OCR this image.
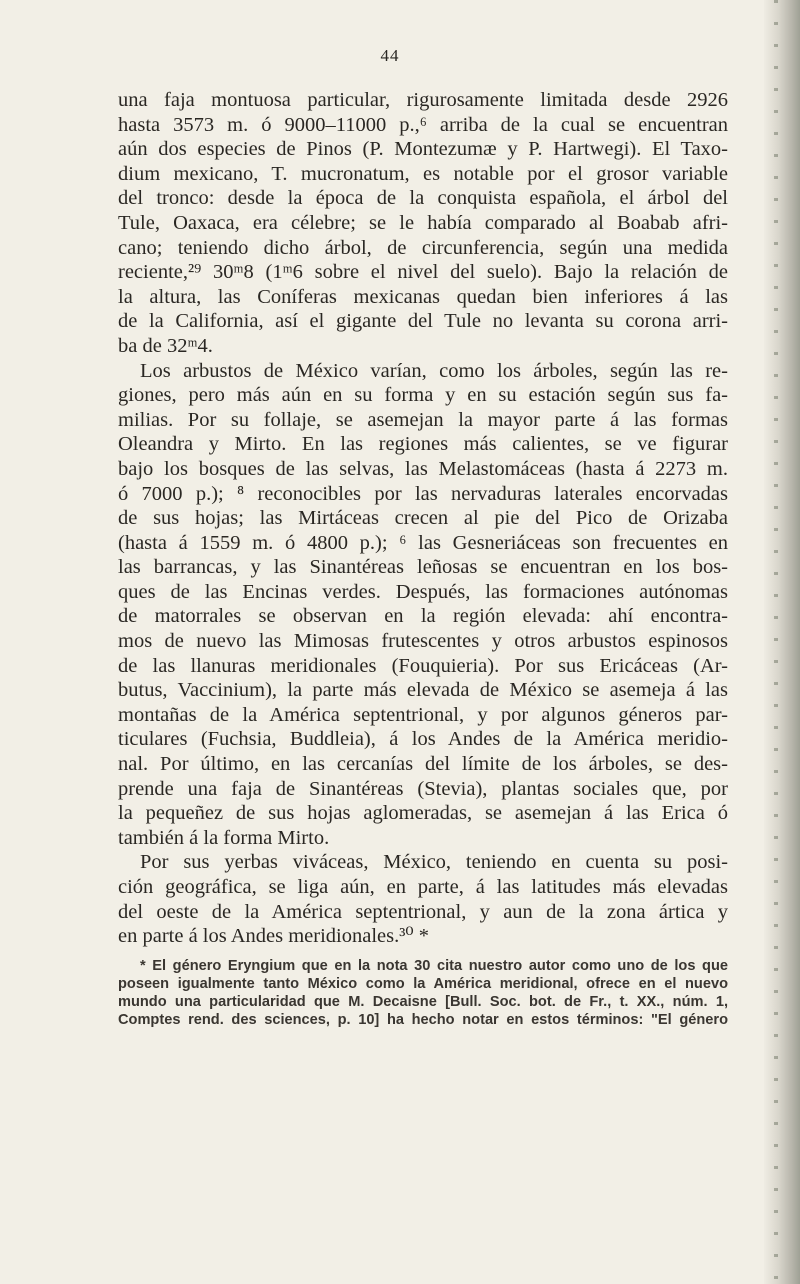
44

una faja montuosa particular, rigurosamente limitada desde 2926
hasta 3573 m. ó 9000–11000 p.,⁶ arriba de la cual se encuentran
aún dos especies de Pinos (P. Montezumæ y P. Hartwegi). El Taxo-
dium mexicano, T. mucronatum, es notable por el grosor variable
del tronco: desde la época de la conquista española, el árbol del
Tule, Oaxaca, era célebre; se le había comparado al Boabab afri-
cano; teniendo dicho árbol, de circunferencia, según una medida
reciente,²⁹ 30ᵐ8 (1ᵐ6 sobre el nivel del suelo). Bajo la relación de
la altura, las Coníferas mexicanas quedan bien inferiores á las
de la California, así el gigante del Tule no levanta su corona arri-
ba de 32ᵐ4.

Los arbustos de México varían, como los árboles, según las re-
giones, pero más aún en su forma y en su estación según sus fa-
milias. Por su follaje, se asemejan la mayor parte á las formas
Oleandra y Mirto. En las regiones más calientes, se ve figurar
bajo los bosques de las selvas, las Melastomáceas (hasta á 2273 m.
ó 7000 p.); ⁸ reconocibles por las nervaduras laterales encorvadas
de sus hojas; las Mirtáceas crecen al pie del Pico de Orizaba
(hasta á 1559 m. ó 4800 p.); ⁶ las Gesneriáceas son frecuentes en
las barrancas, y las Sinantéreas leñosas se encuentran en los bos-
ques de las Encinas verdes. Después, las formaciones autónomas
de matorrales se observan en la región elevada: ahí encontra-
mos de nuevo las Mimosas frutescentes y otros arbustos espinosos
de las llanuras meridionales (Fouquieria). Por sus Ericáceas (Ar-
butus, Vaccinium), la parte más elevada de México se asemeja á las
montañas de la América septentrional, y por algunos géneros par-
ticulares (Fuchsia, Buddleia), á los Andes de la América meridio-
nal. Por último, en las cercanías del límite de los árboles, se des-
prende una faja de Sinantéreas (Stevia), plantas sociales que, por
la pequeñez de sus hojas aglomeradas, se asemejan á las Erica ó
también á la forma Mirto.

Por sus yerbas viváceas, México, teniendo en cuenta su posi-
ción geográfica, se liga aún, en parte, á las latitudes más elevadas
del oeste de la América septentrional, y aun de la zona ártica y
en parte á los Andes meridionales.³⁰ *

* El género Eryngium que en la nota 30 cita nuestro autor como uno de los que
poseen igualmente tanto México como la América meridional, ofrece en el nuevo
mundo una particularidad que M. Decaisne [Bull. Soc. bot. de Fr., t. XX., núm. 1,
Comptes rend. des sciences, p. 10] ha hecho notar en estos términos: "El género
